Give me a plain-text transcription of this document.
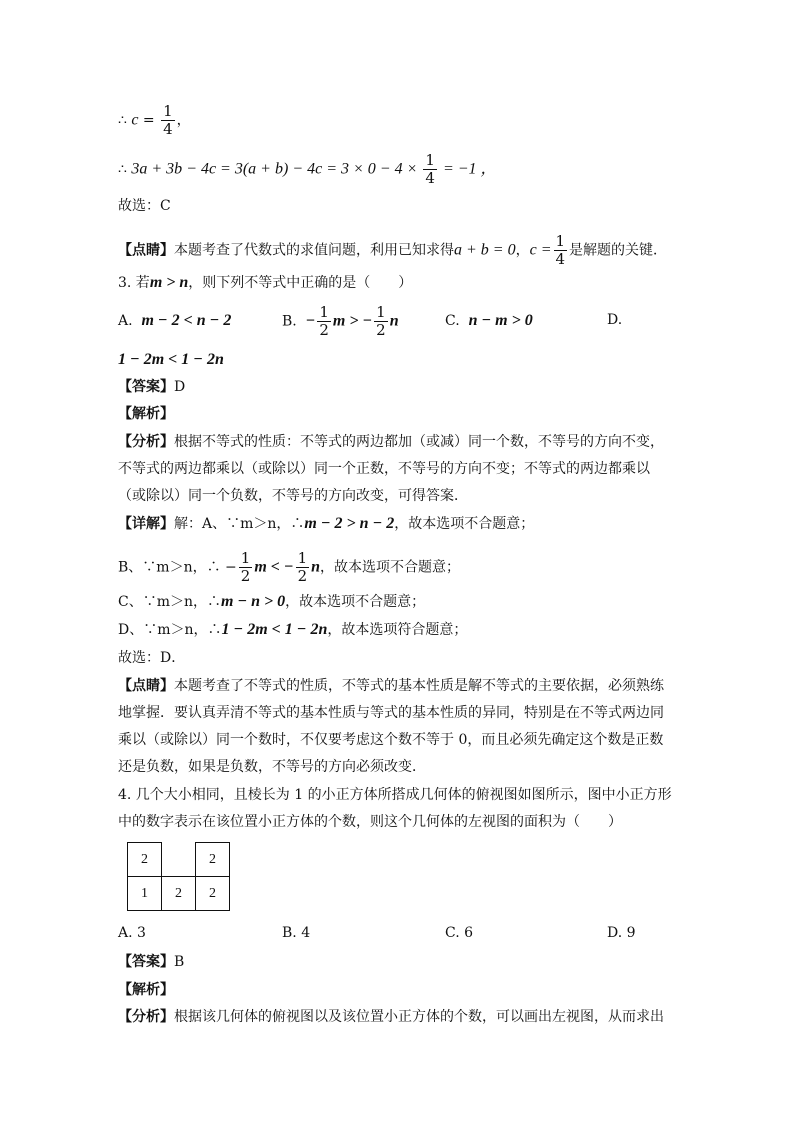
∴ $c = \frac{1}{4}$ ，
∴ $3a + 3b - 4c = 3(a + b) - 4c = 3 \times 0 - 4 \times \frac{1}{4} = -1$ ，
故选：C
【点睛】本题考查了代数式的求值问题，利用已知求得a + b = 0，$c = \frac{1}{4}$ 是解题的关键．
3. 若m > n，则下列不等式中正确的是（　　）
A. m − 2 < n − 2	B. − $\frac{1}{2}$ m > − $\frac{1}{2}$ n	C. n − m > 0	D.
1 − 2m < 1 − 2n
【答案】D
【解析】
【分析】根据不等式的性质：不等式的两边都加（或减）同一个数，不等号的方向不变，
不等式的两边都乘以（或除以）同一个正数，不等号的方向不变；不等式的两边都乘以
（或除以）同一个负数，不等号的方向改变，可得答案．
【详解】解：A、∵m＞n，∴m − 2 > n − 2，故本选项不合题意；
B、∵m＞n，∴ − $\frac{1}{2}$ m < − $\frac{1}{2}$ n，故本选项不合题意；
C、∵m＞n，∴m − n > 0，故本选项不合题意；
D、∵m＞n，∴1 − 2m < 1 − 2n，故本选项符合题意；
故选：D．
【点睛】本题考查了不等式的性质，不等式的基本性质是解不等式的主要依据，必须熟练
地掌握．要认真弄清不等式的基本性质与等式的基本性质的异同，特别是在不等式两边同
乘以（或除以）同一个数时，不仅要考虑这个数不等于 0，而且必须先确定这个数是正数
还是负数，如果是负数，不等号的方向必须改变．
4. 几个大小相同，且棱长为 1 的小正方体所搭成几何体的俯视图如图所示，图中小正方形
中的数字表示在该位置小正方体的个数，则这个几何体的左视图的面积为（　　）
2		2
1	2	2
A. 3	B. 4	C. 6	D. 9
【答案】B
【解析】
【分析】根据该几何体的俯视图以及该位置小正方体的个数，可以画出左视图，从而求出
